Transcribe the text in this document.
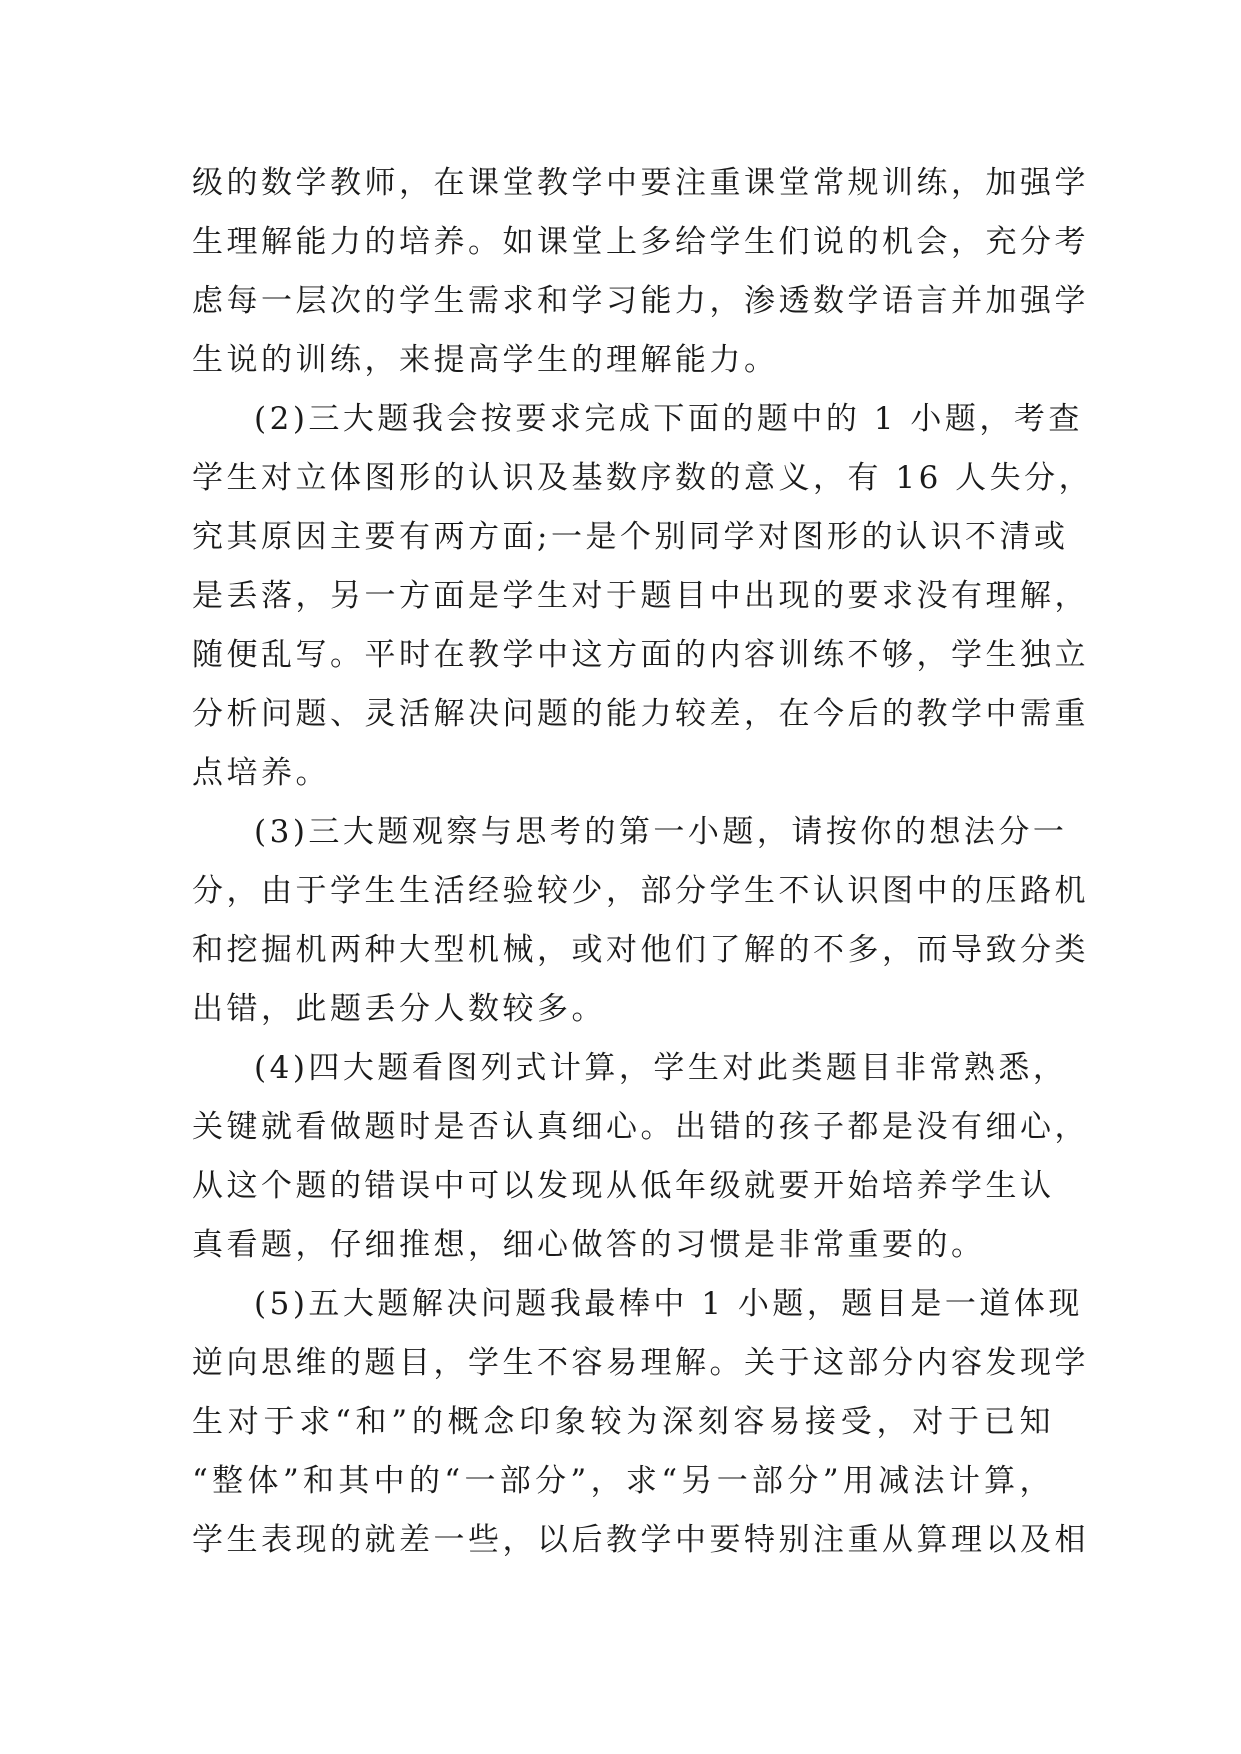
级的数学教师，在课堂教学中要注重课堂常规训练，加强学
生理解能力的培养。如课堂上多给学生们说的机会，充分考
虑每一层次的学生需求和学习能力，渗透数学语言并加强学
生说的训练，来提高学生的理解能力。
(2)三大题我会按要求完成下面的题中的 1 小题，考查
学生对立体图形的认识及基数序数的意义，有 16 人失分，
究其原因主要有两方面;一是个别同学对图形的认识不清或
是丢落，另一方面是学生对于题目中出现的要求没有理解，
随便乱写。平时在教学中这方面的内容训练不够，学生独立
分析问题、灵活解决问题的能力较差，在今后的教学中需重
点培养。
(3)三大题观察与思考的第一小题，请按你的想法分一
分，由于学生生活经验较少，部分学生不认识图中的压路机
和挖掘机两种大型机械，或对他们了解的不多，而导致分类
出错，此题丢分人数较多。
(4)四大题看图列式计算，学生对此类题目非常熟悉，
关键就看做题时是否认真细心。出错的孩子都是没有细心，
从这个题的错误中可以发现从低年级就要开始培养学生认
真看题，仔细推想，细心做答的习惯是非常重要的。
(5)五大题解决问题我最棒中 1 小题，题目是一道体现
逆向思维的题目，学生不容易理解。关于这部分内容发现学
生对于求“和”的概念印象较为深刻容易接受，对于已知
“整体”和其中的“一部分”，求“另一部分”用减法计算，
学生表现的就差一些，以后教学中要特别注重从算理以及相
